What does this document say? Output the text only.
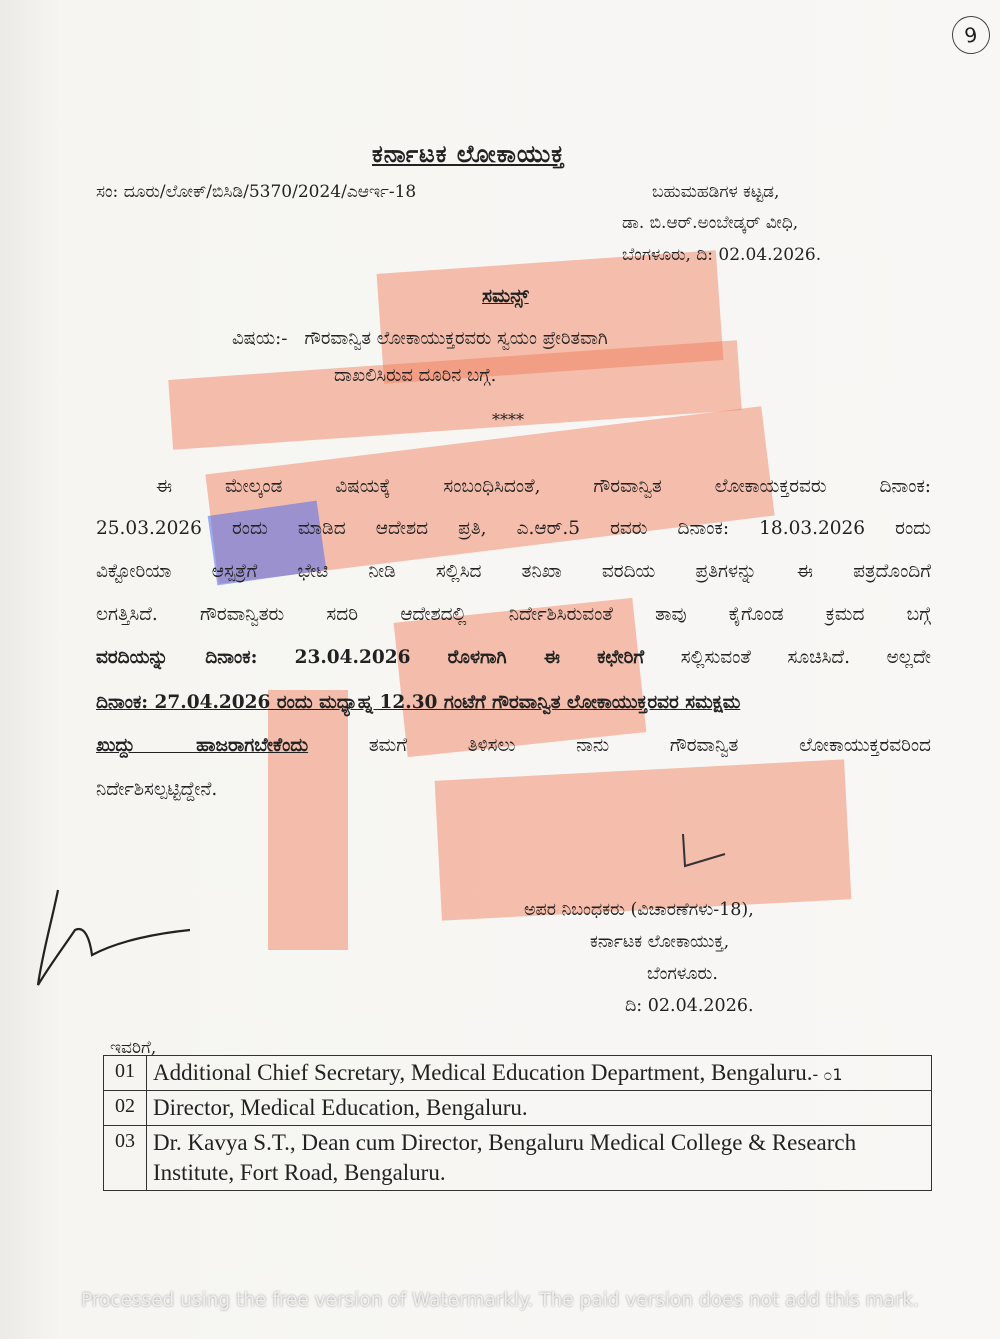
9
ಕರ್ನಾಟಕ ಲೋಕಾಯುಕ್ತ
ಸಂ: ದೂರು/ಲೋಕ್/ಬಿಸಿಡಿ/5370/2024/ಎಆರ್ಇ-18	ಬಹುಮಹಡಿಗಳ ಕಟ್ಟಡ,
ಡಾ. ಬಿ.ಆರ್.ಅಂಬೇಡ್ಕರ್ ವೀಧಿ,
ಬೆಂಗಳೂರು, ದಿ: 02.04.2026.
ಸಮನ್ಸ್
ವಿಷಯ:- ಗೌರವಾನ್ವಿತ ಲೋಕಾಯುಕ್ತರವರು ಸ್ವಯಂ ಪ್ರೇರಿತವಾಗಿ
ದಾಖಲಿಸಿರುವ ದೂರಿನ ಬಗ್ಗೆ.
****
ಈ ಮೇಲ್ಕಂಡ ವಿಷಯಕ್ಕೆ ಸಂಬಂಧಿಸಿದಂತೆ, ಗೌರವಾನ್ವಿತ ಲೋಕಾಯಕ್ತರವರು ದಿನಾಂಕ:
25.03.2026 ರಂದು ಮಾಡಿದ ಆದೇಶದ ಪ್ರತಿ, ಎ.ಆರ್.5 ರವರು ದಿನಾಂಕ: 18.03.2026 ರಂದು
ವಿಕ್ಟೋರಿಯಾ ಆಸ್ಪತ್ರೆಗೆ ಭೇಟಿ ನೀಡಿ ಸಲ್ಲಿಸಿದ ತನಿಖಾ ವರದಿಯ ಪ್ರತಿಗಳನ್ನು ಈ ಪತ್ರದೊಂದಿಗೆ
ಲಗತ್ತಿಸಿದೆ. ಗೌರವಾನ್ವಿತರು ಸದರಿ ಆದೇಶದಲ್ಲಿ ನಿರ್ದೇಶಿಸಿರುವಂತೆ ತಾವು ಕೈಗೊಂಡ ಕ್ರಮದ ಬಗ್ಗೆ
ವರದಿಯನ್ನು ದಿನಾಂಕ: 23.04.2026 ರೊಳಗಾಗಿ ಈ ಕಛೇರಿಗೆ ಸಲ್ಲಿಸುವಂತೆ ಸೂಚಿಸಿದೆ. ಅಲ್ಲದೇ
ದಿನಾಂಕ: 27.04.2026 ರಂದು ಮಧ್ಯಾಹ್ನ 12.30 ಗಂಟೆಗೆ ಗೌರವಾನ್ವಿತ ಲೋಕಾಯುಕ್ತರವರ ಸಮಕ್ಷಮ
ಖುದ್ದು ಹಾಜರಾಗಬೇಕೆಂದು	ತಮಗೆ ತಿಳಿಸಲು ನಾನು ಗೌರವಾನ್ವಿತ ಲೋಕಾಯುಕ್ತರವರಿಂದ
ನಿರ್ದೇಶಿಸಲ್ಪಟ್ಟಿದ್ದೇನೆ.
ಅಪರ ನಿಬಂಧಕರು (ವಿಚಾರಣೆಗಳು-18),
ಕರ್ನಾಟಕ ಲೋಕಾಯುಕ್ತ,
ಬೆಂಗಳೂರು.
ದಿ: 02.04.2026.
ಇವರಿಗೆ,
01	Additional Chief Secretary, Medical Education Department, Bengaluru.- ೦1
02	Director, Medical Education, Bengaluru.
03	Dr. Kavya S.T., Dean cum Director, Bengaluru Medical College & Research Institute, Fort Road, Bengaluru.
Processed using the free version of Watermarkly. The paid version does not add this mark.
